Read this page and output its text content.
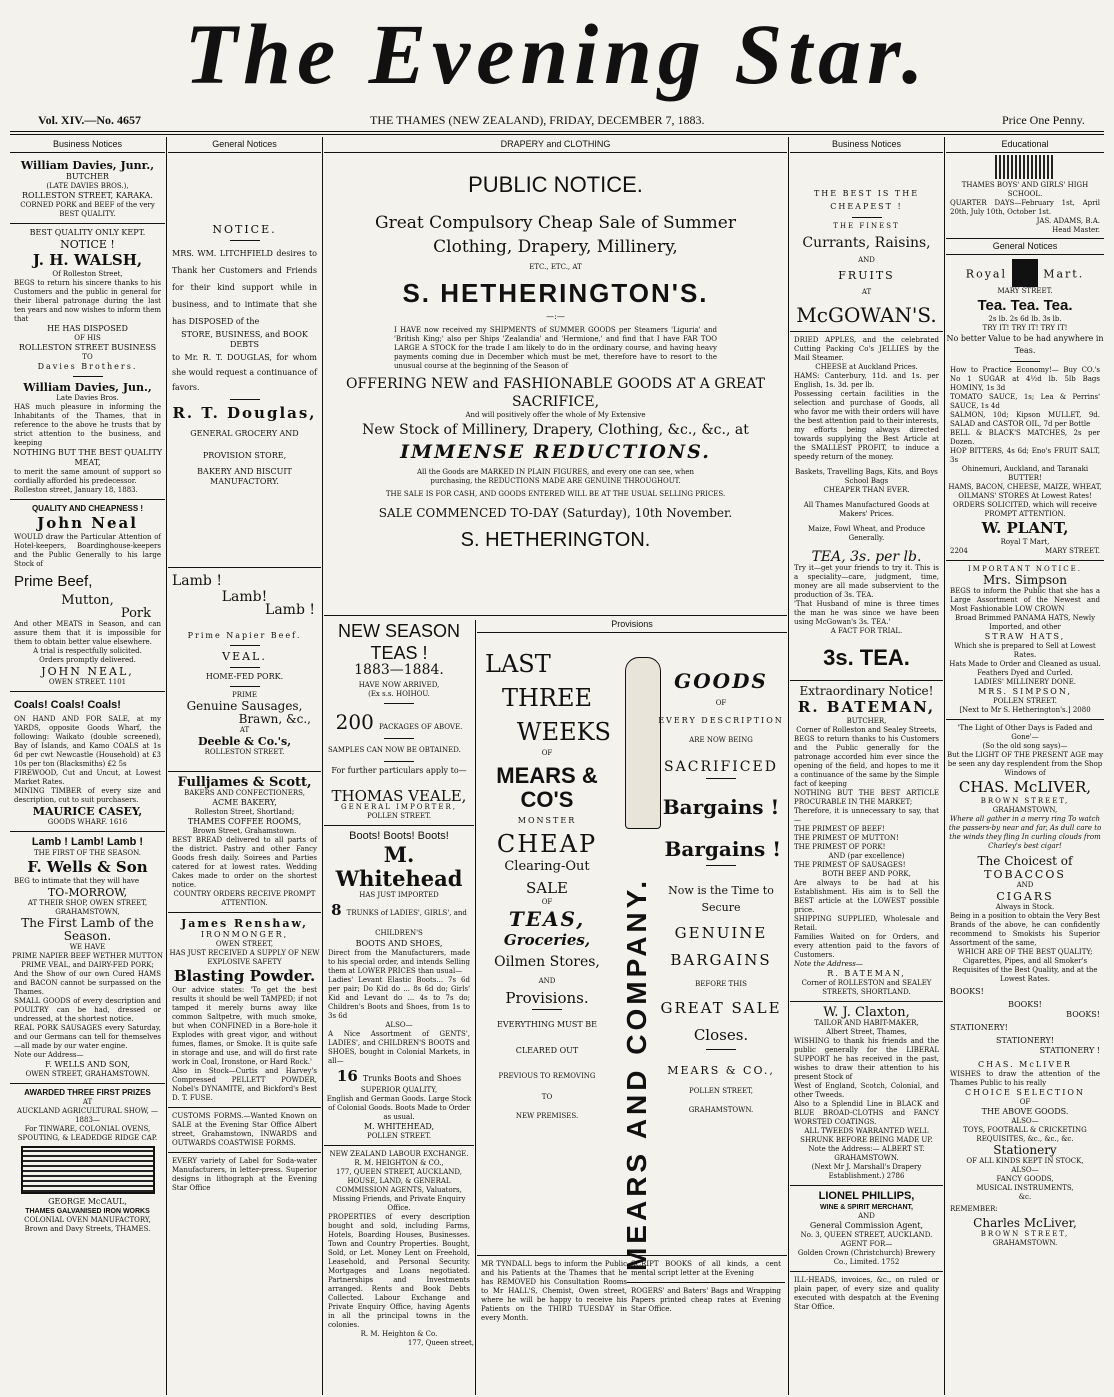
The Evening Star.
Vol. XIV.—No. 4657	THE THAMES (NEW ZEALAND), FRIDAY, DECEMBER 7, 1883.	Price One Penny.
Business Notices
William Davies, Junr.,
BUTCHER
(LATE DAVIES BROS.),
ROLLESTON STREET, KARAKA.
CORNED PORK and BEEF of the very BEST QUALITY.
BEST QUALITY ONLY KEPT.
NOTICE !
J. H. WALSH,
Of Rolleston Street,
BEGS to return his sincere thanks to his Customers and the public in general for their liberal patronage during the last ten years and now wishes to inform them that
HE HAS DISPOSED
OF HIS
ROLLESTON STREET BUSINESS
TO
Davies Brothers.
William Davies, Jun.,
Late Davies Bros.
HAS much pleasure in informing the Inhabitants of the Thames, that in reference to the above he trusts that by strict attention to the business, and keeping
NOTHING BUT THE BEST QUALITY MEAT,
to merit the same amount of support so cordially afforded his predecessor.
Rolleston street, January 18, 1883.
QUALITY AND CHEAPNESS !
John Neal
WOULD draw the Particular Attention of Hotel-keepers, Boardinghouse-keepers and the Public Generally to his large Stock of
Prime Beef,
Mutton,
Pork
And other MEATS in Season, and can assure them that it is impossible for them to obtain better value elsewhere.
A trial is respectfully solicited.
Orders promptly delivered.
JOHN NEAL,
OWEN STREET. 1101
Coals! Coals! Coals!
ON HAND AND FOR SALE, at my YARDS, opposite Goods Wharf, the following: Waikato (double screened), Bay of Islands, and Kamo COALS at 1s 6d per cwt Newcastle (Household) at £3 10s per ton (Blacksmiths) £2 5s
FIREWOOD, Cut and Uncut, at Lowest Market Rates.
MINING TIMBER of every size and description, cut to suit purchasers.
MAURICE CASEY,
GOODS WHARF. 1616
Lamb ! Lamb! Lamb !
THE FIRST OF THE SEASON.
F. Wells & Son
BEG to intimate that they will have
TO-MORROW,
AT THEIR SHOP, OWEN STREET, GRAHAMSTOWN,
The First Lamb of the Season.
WE HAVE
PRIME NAPIER BEEF WETHER MUTTON PRIME VEAL, and DAIRY-FED PORK;
And the Show of our own Cured HAMS and BACON cannot be surpassed on the Thames.
SMALL GOODS of every description and POULTRY can be had, dressed or undressed, at the shortest notice.
REAL PORK SAUSAGES every Saturday, and our Germans can tell for themselves—all made by our water engine.
Note our Address—
F. WELLS AND SON,
OWEN STREET, GRAHAMSTOWN.
AWARDED THREE FIRST PRIZES
AT
AUCKLAND AGRICULTURAL SHOW, —1883—
For TINWARE, COLONIAL OVENS, SPOUTING, & LEADEDGE RIDGE CAP.
GEORGE McCAUL,
THAMES GALVANISED IRON WORKS
COLONIAL OVEN MANUFACTORY,
Brown and Davy Streets, THAMES.
General Notices
NOTICE.
MRS. WM. LITCHFIELD desires to Thank her Customers and Friends for their kind support while in business, and to intimate that she has DISPOSED of the
STORE, BUSINESS, and BOOK DEBTS
to Mr. R. T. DOUGLAS, for whom she would request a continuance of favors.
R. T. Douglas,
GENERAL GROCERY AND PROVISION STORE,
BAKERY AND BISCUIT MANUFACTORY.
Lamb !
Lamb!
Lamb !
Prime Napier Beef.
VEAL.
HOME-FED PORK.
PRIME
Genuine Sausages,
Brawn, &c.,
AT
Deeble & Co.'s,
ROLLESTON STREET.
Fulljames & Scott,
BAKERS AND CONFECTIONERS,
ACME BAKERY,
Rolleston Street, Shortland;
THAMES COFFEE ROOMS,
Brown Street, Grahamstown.
BEST BREAD delivered to all parts of the district. Pastry and other Fancy Goods fresh daily. Soirees and Parties catered for at lowest rates. Wedding Cakes made to order on the shortest notice.
COUNTRY ORDERS RECEIVE PROMPT ATTENTION.
James Renshaw,
IRONMONGER,
OWEN STREET,
HAS JUST RECEIVED A SUPPLY OF NEW EXPLOSIVE SAFETY
Blasting Powder.
Our advice states: 'To get the best results it should be well TAMPED; if not tamped it merely burns away like common Saltpetre, with much smoke, but when CONFINED in a Bore-hole it Explodes with great vigor, and without fumes, flames, or Smoke. It is quite safe in storage and use, and will do first rate work in Coal, Ironstone, or Hard Rock.'
Also in Stock—Curtis and Harvey's Compressed PELLETT POWDER, Nobel's DYNAMITE, and Bickford's Best D. T. FUSE.
CUSTOMS FORMS.—Wanted Known on SALE at the Evening Star Office Albert street, Grahamstown, INWARDS and OUTWARDS COASTWISE FORMS.
EVERY variety of Label for Soda-water Manufacturers, in letter-press. Superior designs in lithograph at the Evening Star Office
DRAPERY and CLOTHING
PUBLIC NOTICE.
Great Compulsory Cheap Sale of Summer Clothing, Drapery, Millinery,
ETC., ETC., AT
S. HETHERINGTON'S.
—:—
I HAVE now received my SHIPMENTS of SUMMER GOODS per Steamers 'Liguria' and 'British King;' also per Ships 'Zealandia' and 'Hermione,' and find that I have FAR TOO LARGE A STOCK for the trade I am likely to do in the ordinary course, and having heavy payments coming due in December which must be met, therefore have to resort to the unusual course at the beginning of the Season of
OFFERING NEW and FASHIONABLE GOODS AT A GREAT SACRIFICE,
And will positively offer the whole of My Extensive
New Stock of Millinery, Drapery, Clothing, &c., &c., at
IMMENSE REDUCTIONS.
All the Goods are MARKED IN PLAIN FIGURES, and every one can see, when purchasing, the REDUCTIONS MADE ARE GENUINE THROUGHOUT.
THE SALE IS FOR CASH, AND GOODS ENTERED WILL BE AT THE USUAL SELLING PRICES.
SALE COMMENCED TO-DAY (Saturday), 10th November.
S. HETHERINGTON.
NEW SEASON TEAS !
1883—1884.
HAVE NOW ARRIVED,
(Ex s.s. HOIHOU.
200 PACKAGES OF ABOVE.
SAMPLES CAN NOW BE OBTAINED.
For further particulars apply to—
THOMAS VEALE,
GENERAL IMPORTER,
POLLEN STREET.
Boots! Boots! Boots!
M. Whitehead
HAS JUST IMPORTED
8 TRUNKS of LADIES', GIRLS', and CHILDREN'S
BOOTS AND SHOES,
Direct from the Manufacturers, made to his special order, and intends Selling them at LOWER PRICES than usual—
Ladies' Levant Elastic Boots... 7s 6d per pair; Do Kid do ... 8s 6d do; Girls' Kid and Levant do ... 4s to 7s do; Children's Boots and Shoes, from 1s to 3s 6d
ALSO—
A Nice Assortment of GENTS', LADIES', and CHILDREN'S BOOTS and SHOES, bought in Colonial Markets, in all—
16 Trunks Boots and Shoes
SUPERIOR QUALITY,
English and German Goods. Large Stock of Colonial Goods. Boots Made to Order as usual.
M. WHITEHEAD,
POLLEN STREET.
NEW ZEALAND LABOUR EXCHANGE.
R. M. HEIGHTON & CO.,
177, QUEEN STREET, AUCKLAND,
HOUSE, LAND, & GENERAL COMMISSION AGENTS, Valuators, Missing Friends, and Private Enquiry Office.
PROPERTIES of every description bought and sold, including Farms, Hotels, Boarding Houses, Businesses. Town and Country Properties. Bought, Sold, or Let. Money Lent on Freehold, Leasehold, and Personal Security. Mortgages and Loans negotiated. Partnerships and Investments arranged. Rents and Book Debts Collected. Labour Exchange and Private Enquiry Office, having Agents in all the principal towns in the colonies.
R. M. Heighton & Co.
177, Queen street,
Provisions
LAST
THREE
WEEKS
OF
MEARS & CO'S
MONSTER
CHEAP
Clearing-Out
SALE
OF
TEAS,
Groceries,
Oilmen Stores,
AND
Provisions.
EVERYTHING MUST BE
CLEARED OUT
PREVIOUS TO REMOVING
TO
NEW PREMISES.	MEARS AND COMPANY.
GOODS
OF
EVERY DESCRIPTION
ARE NOW BEING
SACRIFICED
Bargains !
Bargains !
Now is the Time to
Secure
GENUINE
BARGAINS
BEFORE THIS
GREAT SALE
Closes.
MEARS & CO.,
POLLEN STREET,
GRAHAMSTOWN.
MR TYNDALL begs to inform the Public and his Patients at the Thames that he has REMOVED his Consultation Rooms to Mr HALL'S, Chemist, Owen street, where he will be happy to receive his Patients on the THIRD TUESDAY in every Month.
SCRIPT BOOKS of all kinds, a cent mental script letter at the Evening
ROGERS' and Baters' Bags and Wrapping Papers printed cheap rates at Evening Star Office.
Business Notices
THE BEST IS THE CHEAPEST !
THE FINEST
Currants, Raisins,
AND
FRUITS
AT
McGOWAN'S.
DRIED APPLES, and the celebrated Cutting Packing Co's JELLIES by the Mail Steamer.
CHEESE at Auckland Prices.
HAMS: Canterbury, 11d. and 1s. per English, 1s. 3d. per lb.
Possessing certain facilities in the selection and purchase of Goods, all who favor me with their orders will have the best attention paid to their interests, my efforts being always directed towards supplying the Best Article at the SMALLEST PROFIT, to induce a speedy return of the money.
Baskets, Travelling Bags, Kits, and Boys School Bags
CHEAPER THAN EVER.
All Thames Manufactured Goods at Makers' Prices.
Maize, Fowl Wheat, and Produce Generally.
TEA, 3s. per lb.
Try it—get your friends to try it. This is a speciality—care, judgment, time, money are all made subservient to the production of 3s. TEA.
'That Husband of mine is three times the man he was since we have been using McGowan's 3s. TEA.'
A FACT FOR TRIAL.
3s. TEA.
Extraordinary Notice!
R. BATEMAN,
BUTCHER,
Corner of Rolleston and Sealey Streets,
BEGS to return thanks to his Customers and the Public generally for the patronage accorded him ever since the opening of the field, and hopes to me it a continuance of the same by the Simple fact of keeping
NOTHING BUT THE BEST ARTICLE PROCURABLE IN THE MARKET;
Therefore, it is unnecessary to say, that—
THE PRIMEST OF BEEF!
THE PRIMEST OF MUTTON!
THE PRIMEST OF PORK!
AND (par excellence)
THE PRIMEST OF SAUSAGES!
BOTH BEEF AND PORK,
Are always to be had at his Establishment. His aim is to Sell the BEST article at the LOWEST possible price.
SHIPPING SUPPLIED, Wholesale and Retail.
Families Waited on for Orders, and every attention paid to the favors of Customers.
Note the Address—
R. BATEMAN,
Corner of ROLLESTON and SEALEY STREETS, SHORTLAND.
W. J. Claxton,
TAILOR AND HABIT-MAKER,
Albert Street, Thames,
WISHING to thank his friends and the public generally for the LIBERAL SUPPORT he has received in the past, wishes to draw their attention to his present Stock of
West of England, Scotch, Colonial, and other Tweeds.
Also to a Splendid Line in BLACK and BLUE BROAD-CLOTHS and FANCY WORSTED COATINGS.
ALL TWEEDS WARRANTED WELL SHRUNK BEFORE BEING MADE UP.
Note the Address:— ALBERT ST. GRAHAMSTOWN.
(Next Mr J. Marshall's Drapery Establishment.) 2786
LIONEL PHILLIPS,
WINE & SPIRIT MERCHANT,
AND
General Commission Agent,
No. 3, QUEEN STREET, AUCKLAND.
AGENT FOR—
Golden Crown (Christchurch) Brewery Co., Limited. 1752
ILL-HEADS, invoices, &c., on ruled or plain paper, of every size and quality executed with despatch at the Evening Star Office.
Educational
THAMES BOYS' AND GIRLS' HIGH SCHOOL.
QUARTER DAYS—February 1st, April 20th, July 10th, October 1st.
JAS. ADAMS, B.A.
Head Master.
General Notices
Royal	Mart.
MARY STREET.
Tea. Tea. Tea.
2s lb. 2s 6d lb. 3s lb.
TRY IT! TRY IT! TRY IT!
No better Value to be had anywhere in Teas.
How to Practice Economy!— Buy CO.'s No 1 SUGAR at 4½d lb. 5lb Bags HOMINY, 1s 3d
TOMATO SAUCE, 1s; Lea & Perrins' SAUCE, 1s 4d
SALMON, 10d; Kipson MULLET, 9d. SALAD and CASTOR OIL, 7d per Bottle
BELL & BLACK'S MATCHES, 2s per Dozen.
HOP BITTERS, 4s 6d; Eno's FRUIT SALT, 3s
Ohinemuri, Auckland, and Taranaki BUTTER!
HAMS, BACON, CHEESE, MAIZE, WHEAT, OILMANS' STORES At Lowest Rates!
ORDERS SOLICITED, which will receive PROMPT ATTENTION.
W. PLANT,
Royal T Mart,
2204	MARY STREET.
IMPORTANT NOTICE.
Mrs. Simpson
BEGS to inform the Public that she has a Large Assortment of the Newest and Most Fashionable LOW CROWN
Broad Brimmed PANAMA HATS, Newly Imported, and other
STRAW HATS,
Which she is prepared to Sell at Lowest Rates.
Hats Made to Order and Cleaned as usual. Feathers Dyed and Curled.
LADIES' MILLINERY DONE.
MRS. SIMPSON,
POLLEN STREET.
[Next to Mr S. Hetherington's.] 2080
'The Light of Other Days is Faded and Gone'—
(So the old song says)—
But the LIGHT OF THE PRESENT AGE may be seen any day resplendent from the Shop Windows of
CHAS. McLIVER,
BROWN STREET,
GRAHAMSTOWN,
Where all gather in a merry ring To watch the passers-by near and far, As dull care to the winds they fling In curling clouds from Charley's best cigar!
The Choicest of
TOBACCOS
AND
CIGARS
Always in Stock.
Being in a position to obtain the Very Best Brands of the above, he can confidently recommend to Smokists his Superior Assortment of the same,
WHICH ARE OF THE BEST QUALITY;
Cigarettes, Pipes, and all Smoker's Requisites of the Best Quality, and at the Lowest Rates.
BOOKS!
BOOKS!
BOOKS!
STATIONERY!
STATIONERY!
STATIONERY !
CHAS. McLIVER
WISHES to draw the attention of the Thames Public to his really
CHOICE SELECTION
OF
THE ABOVE GOODS.
ALSO—
TOYS, FOOTBALL & CRICKETING REQUISITES, &c., &c., &c.
Stationery
OF ALL KINDS KEPT IN STOCK,
ALSO—
FANCY GOODS,
MUSICAL INSTRUMENTS,
&c.
REMEMBER:
Charles McLiver,
BROWN STREET,
GRAHAMSTOWN.
